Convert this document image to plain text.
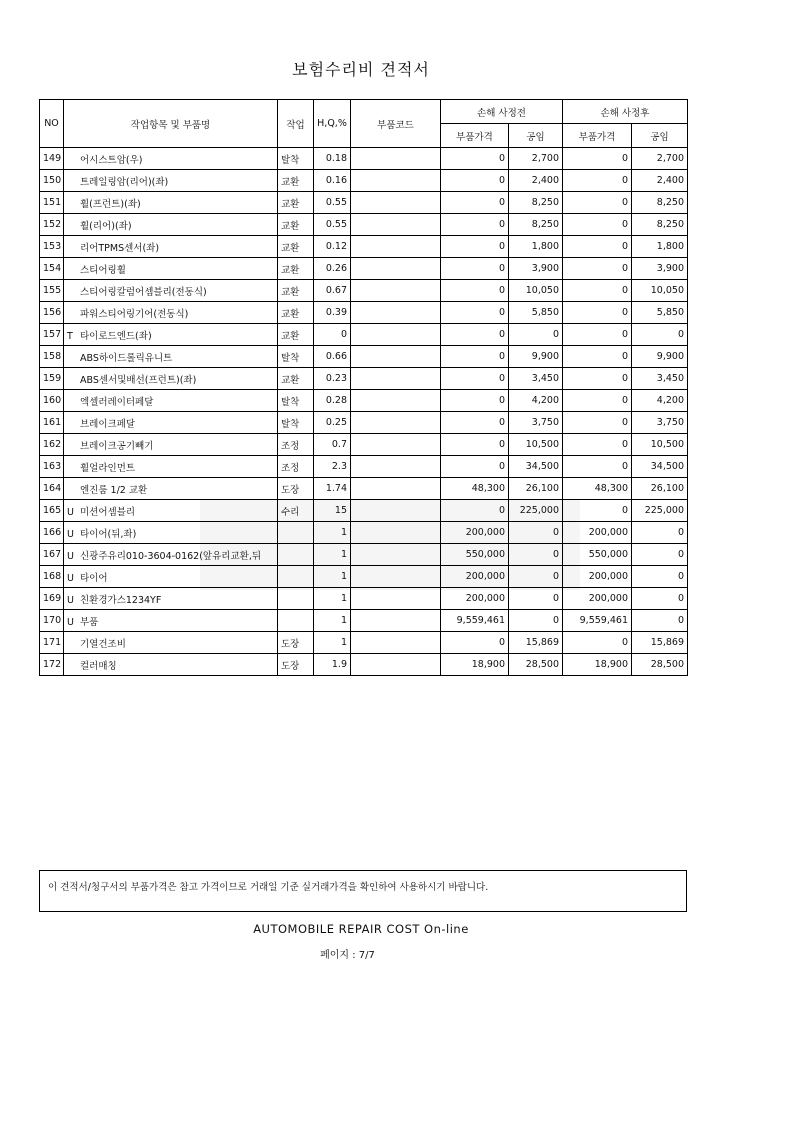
보험수리비 견적서
NO	작업항목 및 부품명	작업	H,Q,%	부품코드	손해 사정전		손해 사정후	
					부품가격	공임	부품가격	공임
149	어시스트암(우)	탈착	0.18		0	2,700	0	2,700
150	트레일링암(리어)(좌)	교환	0.16		0	2,400	0	2,400
151	휠(프런트)(좌)	교환	0.55		0	8,250	0	8,250
152	휠(리어)(좌)	교환	0.55		0	8,250	0	8,250
153	리어TPMS센서(좌)	교환	0.12		0	1,800	0	1,800
154	스티어링휠	교환	0.26		0	3,900	0	3,900
155	스티어링칼럼어셈블리(전동식)	교환	0.67		0	10,050	0	10,050
156	파워스티어링기어(전동식)	교환	0.39		0	5,850	0	5,850
157	T 타이로드엔드(좌)	교환	0		0	0	0	0
158	ABS하이드롤릭유니트	탈착	0.66		0	9,900	0	9,900
159	ABS센서및배선(프런트)(좌)	교환	0.23		0	3,450	0	3,450
160	엑셀러레이터페달	탈착	0.28		0	4,200	0	4,200
161	브레이크페달	탈착	0.25		0	3,750	0	3,750
162	브레이크공기빼기	조정	0.7		0	10,500	0	10,500
163	휠얼라인먼트	조정	2.3		0	34,500	0	34,500
164	엔진룸 1/2 교환	도장	1.74		48,300	26,100	48,300	26,100
165	U 미션어셈블리	수리	15		0	225,000	0	225,000
166	U 타이어(뒤,좌)		1		200,000	0	200,000	0
167	U 신광주유리010-3604-0162(앞유리교환,뒤		1		550,000	0	550,000	0
168	U 타이어		1		200,000	0	200,000	0
169	U 친환경가스1234YF		1		200,000	0	200,000	0
170	U 부품		1		9,559,461	0	9,559,461	0
171	기열건조비	도장	1		0	15,869	0	15,869
172	컬러매칭	도장	1.9		18,900	28,500	18,900	28,500
이 견적서/청구서의 부품가격은 참고 가격이므로 거래일 기준 실거래가격을 확인하여 사용하시기 바랍니다.
AUTOMOBILE REPAIR COST On-line
페이지 : 7/7
